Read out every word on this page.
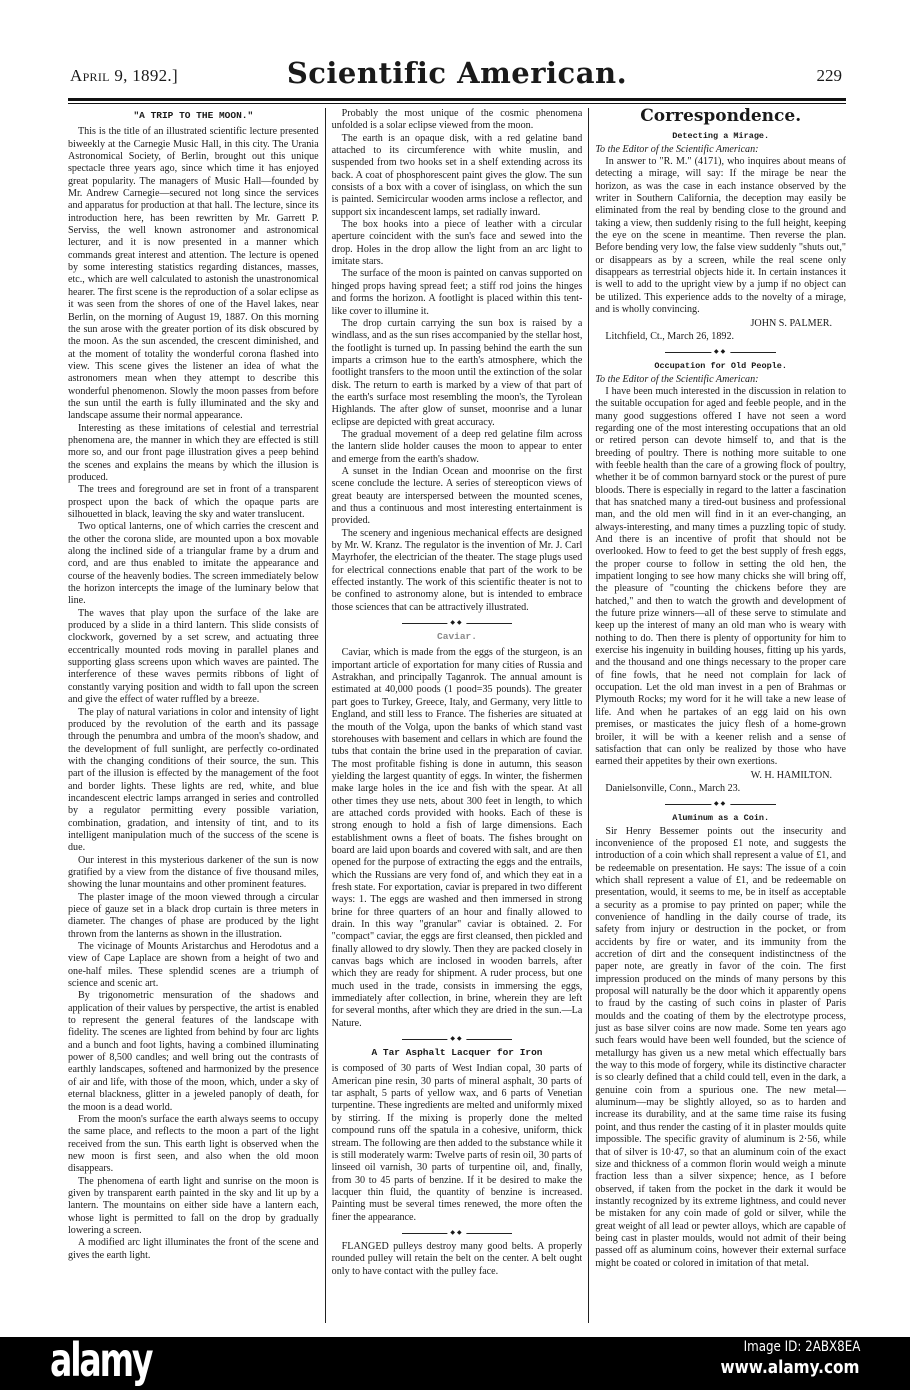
April 9, 1892.]	Scientific American.	229
"A TRIP TO THE MOON."

This is the title of an illustrated scientific lecture presented biweekly at the Carnegie Music Hall, in this city. The Urania Astronomical Society, of Berlin, brought out this unique spectacle three years ago, since which time it has enjoyed great popularity. The managers of Music Hall—founded by Mr. Andrew Carnegie—secured not long since the services and apparatus for production at that hall. The lecture, since its introduction here, has been rewritten by Mr. Garrett P. Serviss, the well known astronomer and astronomical lecturer, and it is now presented in a manner which commands great interest and attention. The lecture is opened by some interesting statistics regarding distances, masses, etc., which are well calculated to astonish the unastronomical hearer. The first scene is the reproduction of a solar eclipse as it was seen from the shores of one of the Havel lakes, near Berlin, on the morning of August 19, 1887. On this morning the sun arose with the greater portion of its disk obscured by the moon. As the sun ascended, the crescent diminished, and at the moment of totality the wonderful corona flashed into view. This scene gives the listener an idea of what the astronomers mean when they attempt to describe this wonderful phenomenon. Slowly the moon passes from before the sun until the earth is fully illuminated and the sky and landscape assume their normal appearance.

Interesting as these imitations of celestial and terrestrial phenomena are, the manner in which they are effected is still more so, and our front page illustration gives a peep behind the scenes and explains the means by which the illusion is produced.

The trees and foreground are set in front of a transparent prospect upon the back of which the opaque parts are silhouetted in black, leaving the sky and water translucent.

Two optical lanterns, one of which carries the crescent and the other the corona slide, are mounted upon a box movable along the inclined side of a triangular frame by a drum and cord, and are thus enabled to imitate the appearance and course of the heavenly bodies. The screen immediately below the horizon intercepts the image of the luminary below that line.

The waves that play upon the surface of the lake are produced by a slide in a third lantern. This slide consists of clockwork, governed by a set screw, and actuating three eccentrically mounted rods moving in parallel planes and supporting glass screens upon which waves are painted. The interference of these waves permits ribbons of light of constantly varying position and width to fall upon the screen and give the effect of water ruffled by a breeze.

The play of natural variations in color and intensity of light produced by the revolution of the earth and its passage through the penumbra and umbra of the moon's shadow, and the development of full sunlight, are perfectly co-ordinated with the changing conditions of their source, the sun. This part of the illusion is effected by the management of the foot and border lights. These lights are red, white, and blue incandescent electric lamps arranged in series and controlled by a regulator permitting every possible variation, combination, gradation, and intensity of tint, and to its intelligent manipulation much of the success of the scene is due.

Our interest in this mysterious darkener of the sun is now gratified by a view from the distance of five thousand miles, showing the lunar mountains and other prominent features.

The plaster image of the moon viewed through a circular piece of gauze set in a black drop curtain is three meters in diameter. The changes of phase are produced by the light thrown from the lanterns as shown in the illustration.

The vicinage of Mounts Aristarchus and Herodotus and a view of Cape Laplace are shown from a height of two and one-half miles. These splendid scenes are a triumph of science and scenic art.

By trigonometric mensuration of the shadows and application of their values by perspective, the artist is enabled to represent the general features of the landscape with fidelity. The scenes are lighted from behind by four arc lights and a bunch and foot lights, having a combined illuminating power of 8,500 candles; and well bring out the contrasts of earthly landscapes, softened and harmonized by the presence of air and life, with those of the moon, which, under a sky of eternal blackness, glitter in a jeweled panoply of death, for the moon is a dead world.

From the moon's surface the earth always seems to occupy the same place, and reflects to the moon a part of the light received from the sun. This earth light is observed when the new moon is first seen, and also when the old moon disappears.

The phenomena of earth light and sunrise on the moon is given by transparent earth painted in the sky and lit up by a lantern. The mountains on either side have a lantern each, whose light is permitted to fall on the drop by gradually lowering a screen.

A modified arc light illuminates the front of the scene and gives the earth light.

Probably the most unique of the cosmic phenomena unfolded is a solar eclipse viewed from the moon.

The earth is an opaque disk, with a red gelatine band attached to its circumference with white muslin, and suspended from two hooks set in a shelf extending across its back. A coat of phosphorescent paint gives the glow. The sun consists of a box with a cover of isinglass, on which the sun is painted. Semicircular wooden arms inclose a reflector, and support six incandescent lamps, set radially inward.

The box hooks into a piece of leather with a circular aperture coincident with the sun's face and sewed into the drop. Holes in the drop allow the light from an arc light to imitate stars.

The surface of the moon is painted on canvas supported on hinged props having spread feet; a stiff rod joins the hinges and forms the horizon. A footlight is placed within this tent-like cover to illumine it.

The drop curtain carrying the sun box is raised by a windlass, and as the sun rises accompanied by the stellar host, the footlight is turned up. In passing behind the earth the sun imparts a crimson hue to the earth's atmosphere, which the footlight transfers to the moon until the extinction of the solar disk. The return to earth is marked by a view of that part of the earth's surface most resembling the moon's, the Tyrolean Highlands. The after glow of sunset, moonrise and a lunar eclipse are depicted with great accuracy.

The gradual movement of a deep red gelatine film across the lantern slide holder causes the moon to appear to enter and emerge from the earth's shadow.

A sunset in the Indian Ocean and moonrise on the first scene conclude the lecture. A series of stereopticon views of great beauty are interspersed between the mounted scenes, and thus a continuous and most interesting entertainment is provided.

The scenery and ingenious mechanical effects are designed by Mr. W. Kranz. The regulator is the invention of Mr. J. Carl Mayrhofer, the electrician of the theater. The stage plugs used for electrical connections enable that part of the work to be effected instantly. The work of this scientific theater is not to be confined to astronomy alone, but is intended to embrace those sciences that can be attractively illustrated.

◆◆
Caviar.

Caviar, which is made from the eggs of the sturgeon, is an important article of exportation for many cities of Russia and Astrakhan, and principally Taganrok. The annual amount is estimated at 40,000 poods (1 pood=35 pounds). The greater part goes to Turkey, Greece, Italy, and Germany, very little to England, and still less to France. The fisheries are situated at the mouth of the Volga, upon the banks of which stand vast storehouses with basement and cellars in which are found the tubs that contain the brine used in the preparation of caviar. The most profitable fishing is done in autumn, this season yielding the largest quantity of eggs. In winter, the fishermen make large holes in the ice and fish with the spear. At all other times they use nets, about 300 feet in length, to which are attached cords provided with hooks. Each of these is strong enough to hold a fish of large dimensions. Each establishment owns a fleet of boats. The fishes brought on board are laid upon boards and covered with salt, and are then opened for the purpose of extracting the eggs and the entrails, which the Russians are very fond of, and which they eat in a fresh state. For exportation, caviar is prepared in two different ways: 1. The eggs are washed and then immersed in strong brine for three quarters of an hour and finally allowed to drain. In this way "granular" caviar is obtained. 2. For "compact" caviar, the eggs are first cleansed, then pickled and finally allowed to dry slowly. Then they are packed closely in canvas bags which are inclosed in wooden barrels, after which they are ready for shipment. A ruder process, but one much used in the trade, consists in immersing the eggs, immediately after collection, in brine, wherein they are left for several months, after which they are dried in the sun.—La Nature.

◆◆
A Tar Asphalt Lacquer for Iron

is composed of 30 parts of West Indian copal, 30 parts of American pine resin, 30 parts of mineral asphalt, 30 parts of tar asphalt, 5 parts of yellow wax, and 6 parts of Venetian turpentine. These ingredients are melted and uniformly mixed by stirring. If the mixing is properly done the melted compound runs off the spatula in a cohesive, uniform, thick stream. The following are then added to the substance while it is still moderately warm: Twelve parts of resin oil, 30 parts of linseed oil varnish, 30 parts of turpentine oil, and, finally, from 30 to 45 parts of benzine. If it be desired to make the lacquer thin fluid, the quantity of benzine is increased. Painting must be several times renewed, the more often the finer the appearance.

◆◆

FLANGED pulleys destroy many good belts. A properly rounded pulley will retain the belt on the center. A belt ought only to have contact with the pulley face.

Correspondence.
Detecting a Mirage.

To the Editor of the Scientific American:

In answer to "R. M." (4171), who inquires about means of detecting a mirage, will say: If the mirage be near the horizon, as was the case in each instance observed by the writer in Southern California, the deception may easily be eliminated from the real by bending close to the ground and taking a view, then suddenly rising to the full height, keeping the eye on the scene in meantime. Then reverse the plan. Before bending very low, the false view suddenly "shuts out," or disappears as by a screen, while the real scene only disappears as terrestrial objects hide it. In certain instances it is well to add to the upright view by a jump if no object can be utilized. This experience adds to the novelty of a mirage, and is wholly convincing.

JOHN S. PALMER.

Litchfield, Ct., March 26, 1892.

◆◆
Occupation for Old People.

To the Editor of the Scientific American:

I have been much interested in the discussion in relation to the suitable occupation for aged and feeble people, and in the many good suggestions offered I have not seen a word regarding one of the most interesting occupations that an old or retired person can devote himself to, and that is the breeding of poultry. There is nothing more suitable to one with feeble health than the care of a growing flock of poultry, whether it be of common barnyard stock or the purest of pure bloods. There is especially in regard to the latter a fascination that has snatched many a tired-out business and professional man, and the old men will find in it an ever-changing, an always-interesting, and many times a puzzling topic of study. And there is an incentive of profit that should not be overlooked. How to feed to get the best supply of fresh eggs, the proper course to follow in setting the old hen, the impatient longing to see how many chicks she will bring off, the pleasure of "counting the chickens before they are hatched," and then to watch the growth and development of the future prize winners—all of these serve to stimulate and keep up the interest of many an old man who is weary with nothing to do. Then there is plenty of opportunity for him to exercise his ingenuity in building houses, fitting up his yards, and the thousand and one things necessary to the proper care of fine fowls, that he need not complain for lack of occupation. Let the old man invest in a pen of Brahmas or Plymouth Rocks; my word for it he will take a new lease of life. And when he partakes of an egg laid on his own premises, or masticates the juicy flesh of a home-grown broiler, it will be with a keener relish and a sense of satisfaction that can only be realized by those who have earned their appetites by their own exertions.

W. H. HAMILTON.

Danielsonville, Conn., March 23.

◆◆
Aluminum as a Coin.

Sir Henry Bessemer points out the insecurity and inconvenience of the proposed £1 note, and suggests the introduction of a coin which shall represent a value of £1, and be redeemable on presentation. He says: The issue of a coin which shall represent a value of £1, and be redeemable on presentation, would, it seems to me, be in itself as acceptable a security as a promise to pay printed on paper; while the convenience of handling in the daily course of trade, its safety from injury or destruction in the pocket, or from accidents by fire or water, and its immunity from the accretion of dirt and the consequent indistinctness of the paper note, are greatly in favor of the coin. The first impression produced on the minds of many persons by this proposal will naturally be the door which it apparently opens to fraud by the casting of such coins in plaster of Paris moulds and the coating of them by the electrotype process, just as base silver coins are now made. Some ten years ago such fears would have been well founded, but the science of metallurgy has given us a new metal which effectually bars the way to this mode of forgery, while its distinctive character is so clearly defined that a child could tell, even in the dark, a genuine coin from a spurious one. The new metal—aluminum—may be slightly alloyed, so as to harden and increase its durability, and at the same time raise its fusing point, and thus render the casting of it in plaster moulds quite impossible. The specific gravity of aluminum is 2·56, while that of silver is 10·47, so that an aluminum coin of the exact size and thickness of a common florin would weigh a minute fraction less than a silver sixpence; hence, as I before observed, if taken from the pocket in the dark it would be instantly recognized by its extreme lightness, and could never be mistaken for any coin made of gold or silver, while the great weight of all lead or pewter alloys, which are capable of being cast in plaster moulds, would not admit of their being passed off as aluminum coins, however their external surface might be coated or colored in imitation of that metal.

alamy	Image ID: 2ABX8EA
www.alamy.com
